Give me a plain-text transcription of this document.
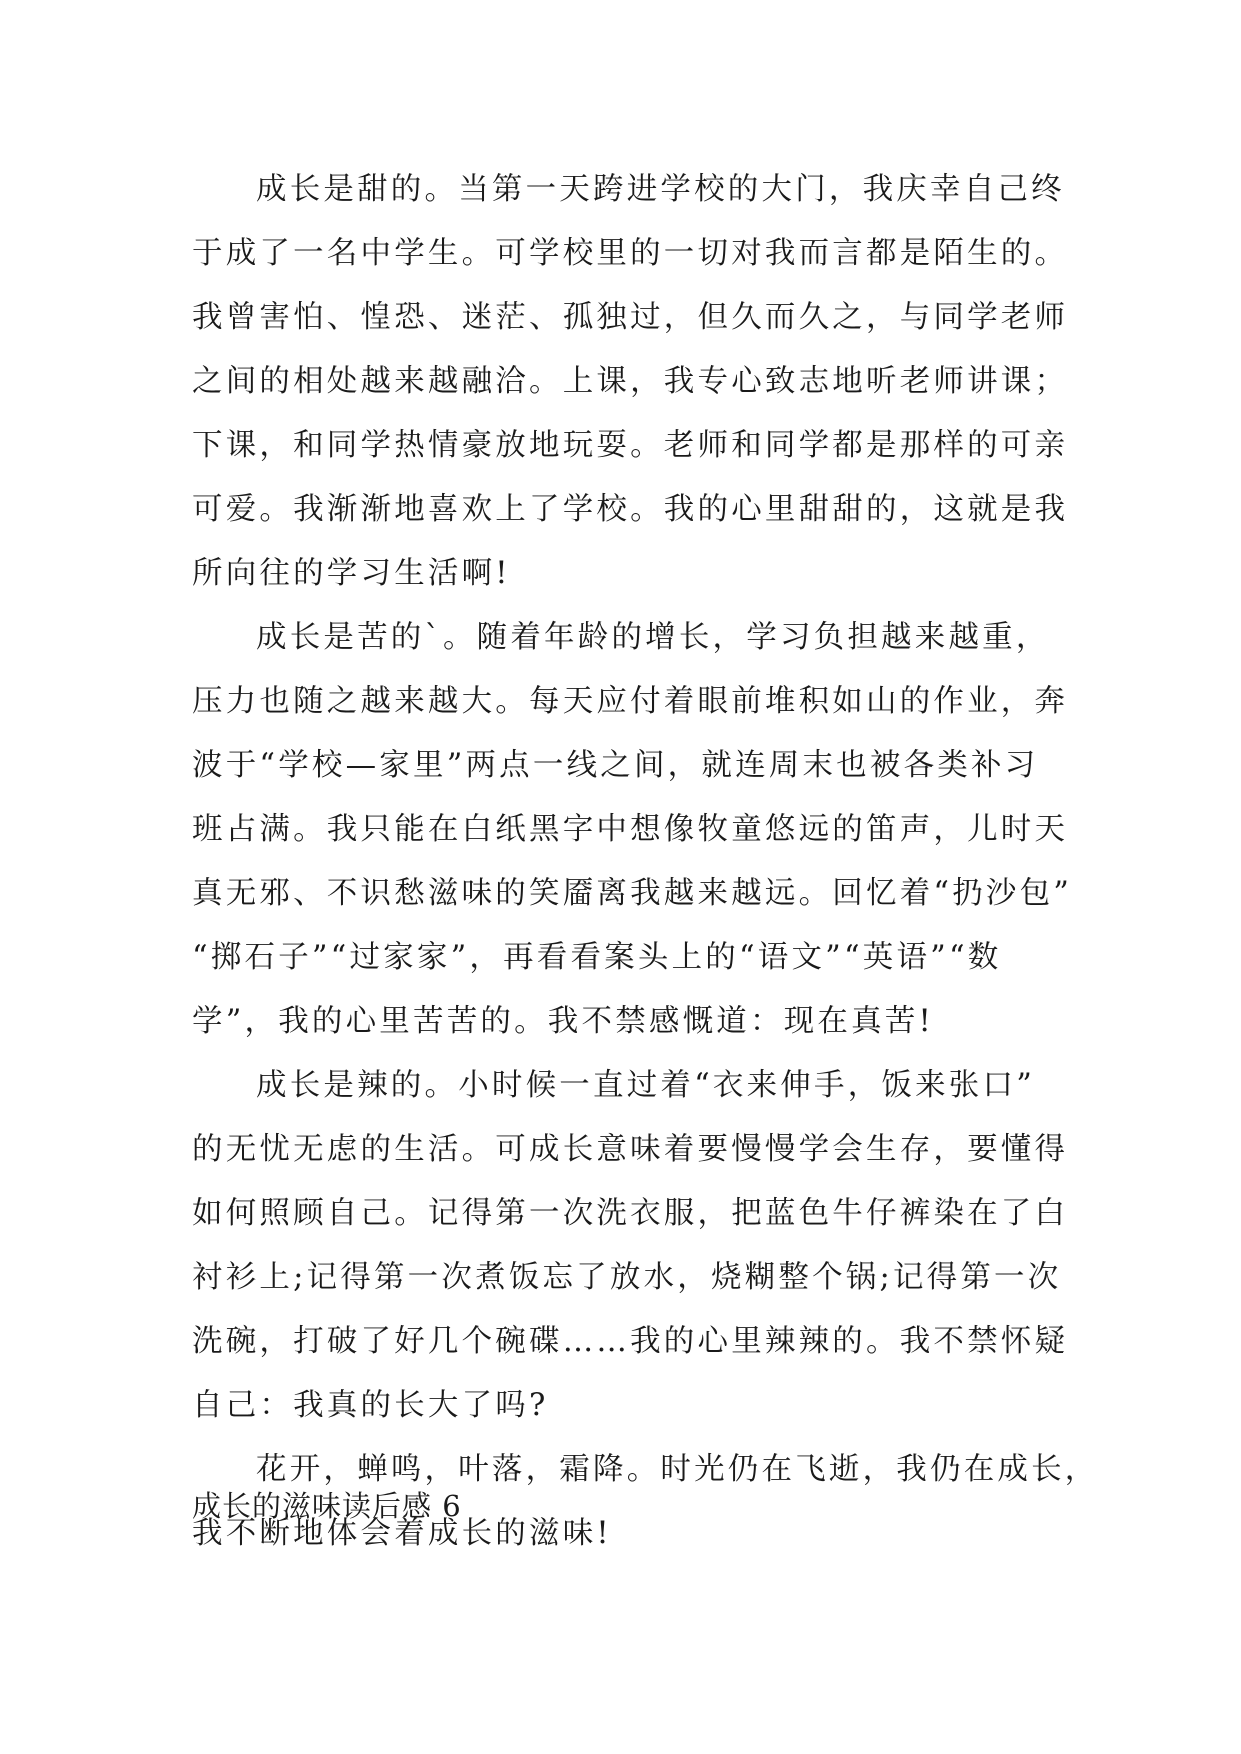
成长是甜的。当第一天跨进学校的大门，我庆幸自己终
于成了一名中学生。可学校里的一切对我而言都是陌生的。
我曾害怕、惶恐、迷茫、孤独过，但久而久之，与同学老师
之间的相处越来越融洽。上课，我专心致志地听老师讲课；
下课，和同学热情豪放地玩耍。老师和同学都是那样的可亲
可爱。我渐渐地喜欢上了学校。我的心里甜甜的，这就是我
所向往的学习生活啊!
成长是苦的`。随着年龄的增长，学习负担越来越重，
压力也随之越来越大。每天应付着眼前堆积如山的作业，奔
波于“学校—家里”两点一线之间，就连周末也被各类补习
班占满。我只能在白纸黑字中想像牧童悠远的笛声，儿时天
真无邪、不识愁滋味的笑靥离我越来越远。回忆着“扔沙包”
“掷石子”“过家家”，再看看案头上的“语文”“英语”“数
学”，我的心里苦苦的。我不禁感慨道：现在真苦!
成长是辣的。小时候一直过着“衣来伸手，饭来张口”
的无忧无虑的生活。可成长意味着要慢慢学会生存，要懂得
如何照顾自己。记得第一次洗衣服，把蓝色牛仔裤染在了白
衬衫上;记得第一次煮饭忘了放水，烧糊整个锅;记得第一次
洗碗，打破了好几个碗碟……我的心里辣辣的。我不禁怀疑
自己：我真的长大了吗?
花开，蝉鸣，叶落，霜降。时光仍在飞逝，我仍在成长，
我不断地体会着成长的滋味!
成长的滋味读后感 6
